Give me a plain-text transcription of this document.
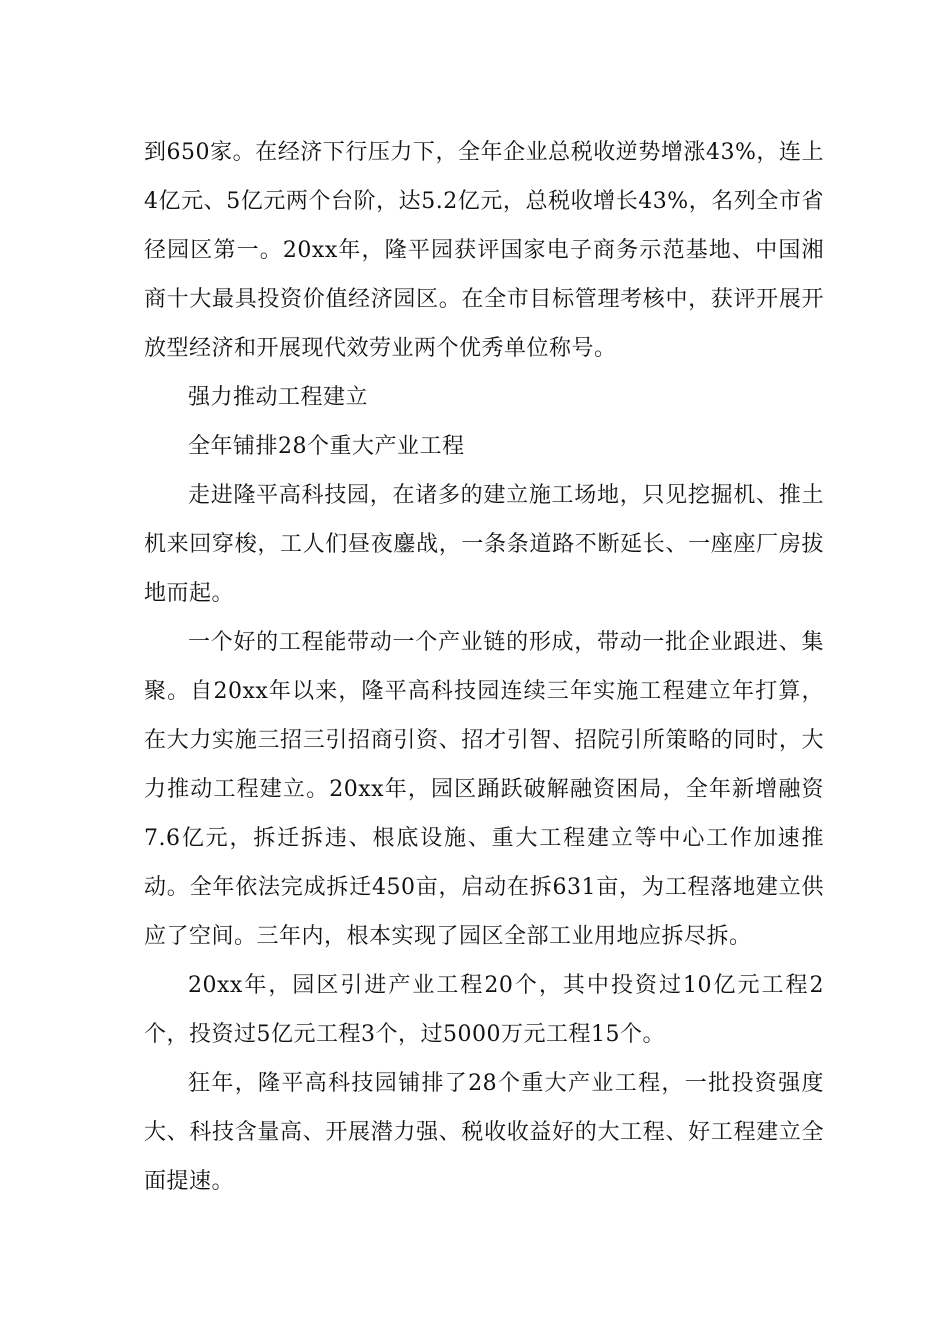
到650家。在经济下行压力下，全年企业总税收逆势增涨43%，连上4亿元、5亿元两个台阶，达5.2亿元，总税收增长43%，名列全市省径园区第一。20xx年，隆平园获评国家电子商务示范基地、中国湘商十大最具投资价值经济园区。在全市目标管理考核中，获评开展开放型经济和开展现代效劳业两个优秀单位称号。

强力推动工程建立

全年铺排28个重大产业工程

走进隆平高科技园，在诸多的建立施工场地，只见挖掘机、推土机来回穿梭，工人们昼夜鏖战，一条条道路不断延长、一座座厂房拔地而起。

一个好的工程能带动一个产业链的形成，带动一批企业跟进、集聚。自20xx年以来，隆平高科技园连续三年实施工程建立年打算，在大力实施三招三引招商引资、招才引智、招院引所策略的同时，大力推动工程建立。20xx年，园区踊跃破解融资困局，全年新增融资7.6亿元，拆迁拆违、根底设施、重大工程建立等中心工作加速推动。全年依法完成拆迁450亩，启动在拆631亩，为工程落地建立供应了空间。三年内，根本实现了园区全部工业用地应拆尽拆。

20xx年，园区引进产业工程20个，其中投资过10亿元工程2个，投资过5亿元工程3个，过5000万元工程15个。

狂年，隆平高科技园铺排了28个重大产业工程，一批投资强度大、科技含量高、开展潜力强、税收收益好的大工程、好工程建立全面提速。
